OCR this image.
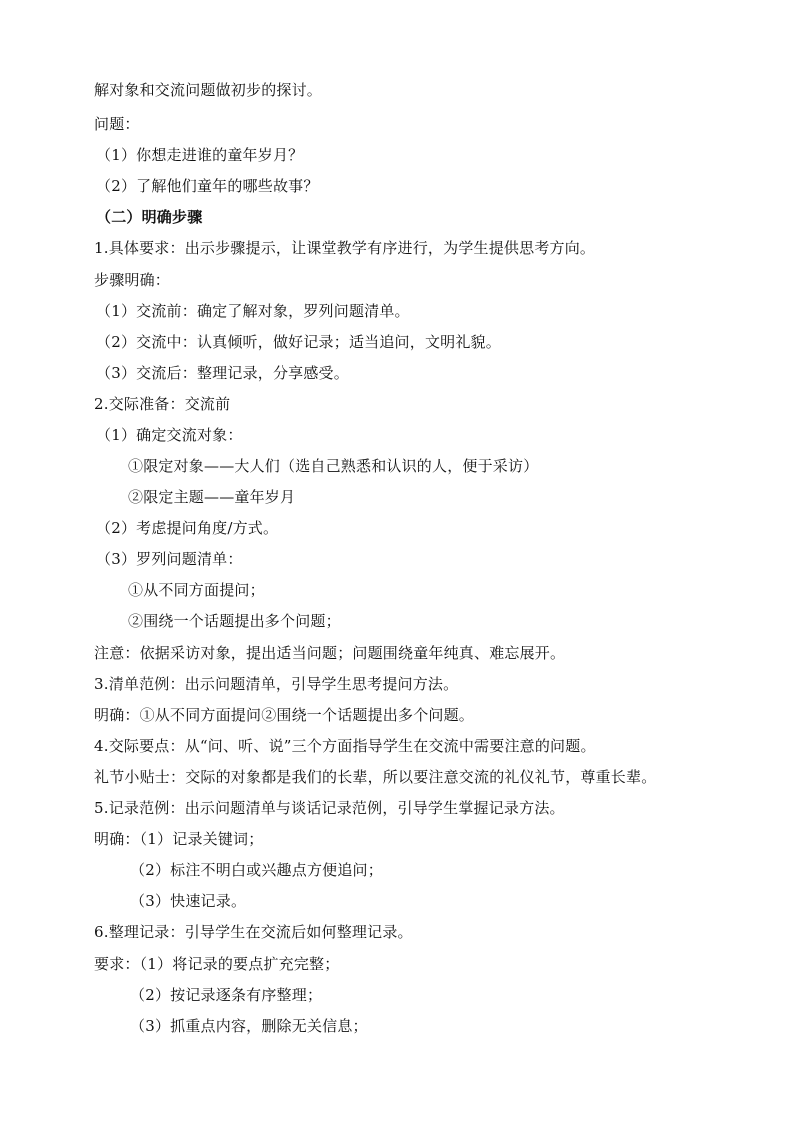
解对象和交流问题做初步的探讨。
问题：
（1）你想走进谁的童年岁月？
（2）了解他们童年的哪些故事？
（二）明确步骤
1.具体要求：出示步骤提示，让课堂教学有序进行，为学生提供思考方向。
步骤明确：
（1）交流前：确定了解对象，罗列问题清单。
（2）交流中：认真倾听，做好记录；适当追问，文明礼貌。
（3）交流后：整理记录，分享感受。
2.交际准备：交流前
（1）确定交流对象：
①限定对象——大人们（选自己熟悉和认识的人，便于采访）
②限定主题——童年岁月
（2）考虑提问角度/方式。
（3）罗列问题清单：
①从不同方面提问；
②围绕一个话题提出多个问题；
注意：依据采访对象，提出适当问题；问题围绕童年纯真、难忘展开。
3.清单范例：出示问题清单，引导学生思考提问方法。
明确：①从不同方面提问②围绕一个话题提出多个问题。
4.交际要点：从“问、听、说”三个方面指导学生在交流中需要注意的问题。
礼节小贴士：交际的对象都是我们的长辈，所以要注意交流的礼仪礼节，尊重长辈。
5.记录范例：出示问题清单与谈话记录范例，引导学生掌握记录方法。
明确：（1）记录关键词；
（2）标注不明白或兴趣点方便追问；
（3）快速记录。
6.整理记录：引导学生在交流后如何整理记录。
要求：（1）将记录的要点扩充完整；
（2）按记录逐条有序整理；
（3）抓重点内容，删除无关信息；
